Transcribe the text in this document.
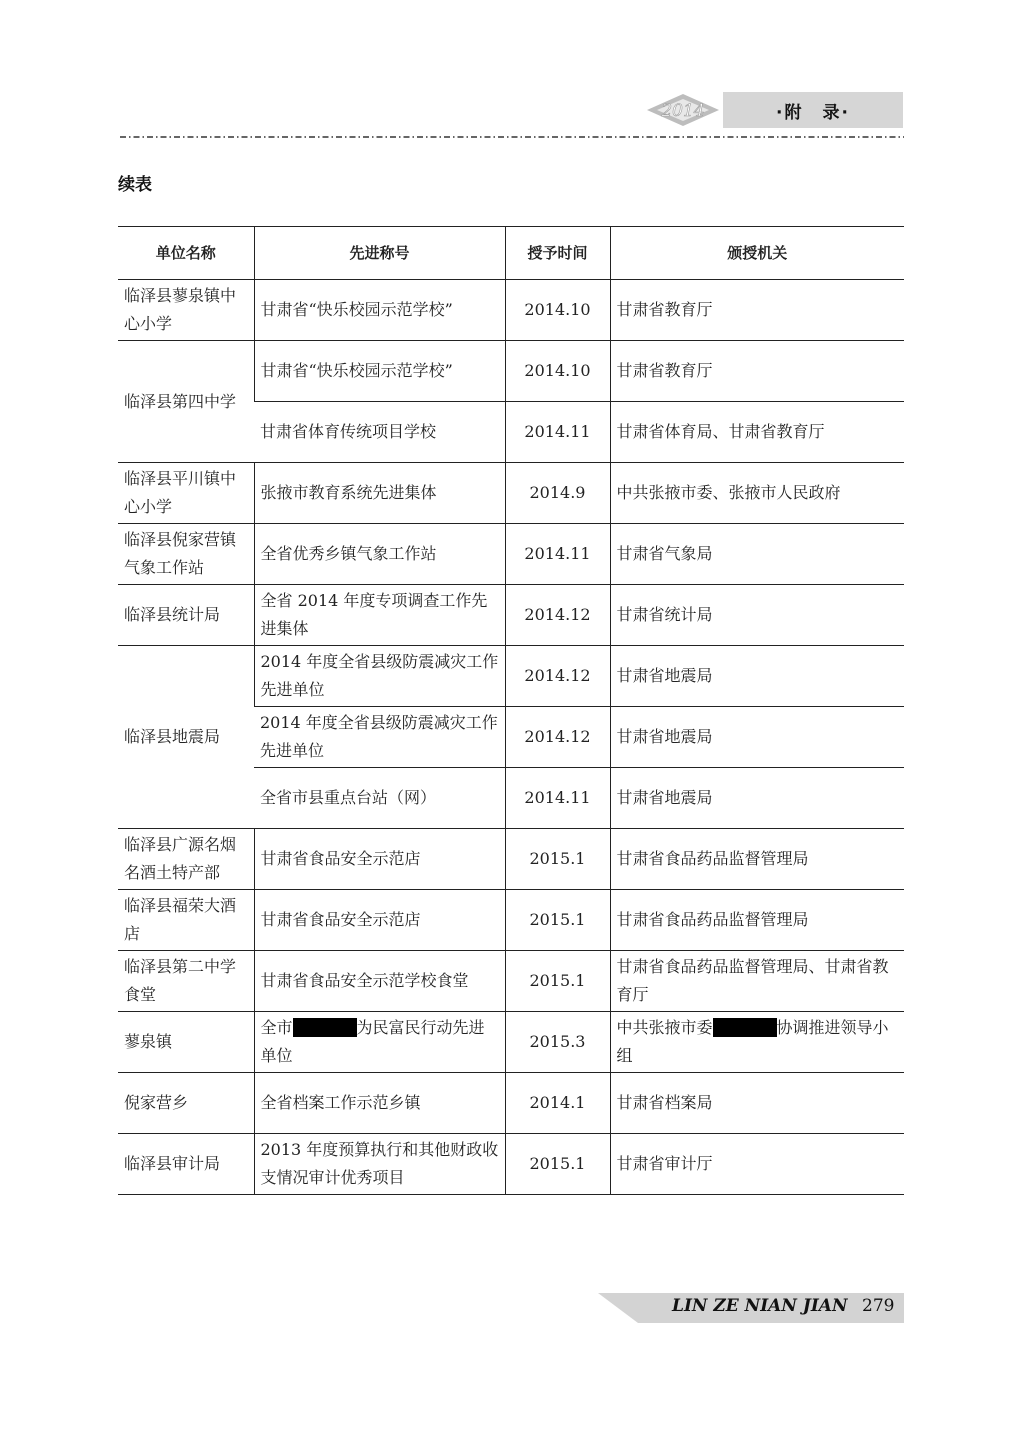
2014	·附　录·
续表
单位名称	先进称号	授予时间	颁授机关
临泽县蓼泉镇中心小学	甘肃省“快乐校园示范学校”	2014.10	甘肃省教育厅
临泽县第四中学	甘肃省“快乐校园示范学校”	2014.10	甘肃省教育厅
	甘肃省体育传统项目学校	2014.11	甘肃省体育局、甘肃省教育厅
临泽县平川镇中心小学	张掖市教育系统先进集体	2014.9	中共张掖市委、张掖市人民政府
临泽县倪家营镇气象工作站	全省优秀乡镇气象工作站	2014.11	甘肃省气象局
临泽县统计局	全省 2014 年度专项调查工作先进集体	2014.12	甘肃省统计局
临泽县地震局	2014 年度全省县级防震减灾工作先进单位	2014.12	甘肃省地震局
	2014 年度全省县级防震减灾工作先进单位	2014.12	甘肃省地震局
	全省市县重点台站（网）	2014.11	甘肃省地震局
临泽县广源名烟名酒土特产部	甘肃省食品安全示范店	2015.1	甘肃省食品药品监督管理局
临泽县福荣大酒店	甘肃省食品安全示范店	2015.1	甘肃省食品药品监督管理局
临泽县第二中学食堂	甘肃省食品安全示范学校食堂	2015.1	甘肃省食品药品监督管理局、甘肃省教育厅
蓼泉镇	全市双联行动为民富民行动先进单位	2015.3	中共张掖市委双联行动协调推进领导小组
倪家营乡	全省档案工作示范乡镇	2014.1	甘肃省档案局
临泽县审计局	2013 年度预算执行和其他财政收支情况审计优秀项目	2015.1	甘肃省审计厅
LIN ZE NIAN JIAN 279
